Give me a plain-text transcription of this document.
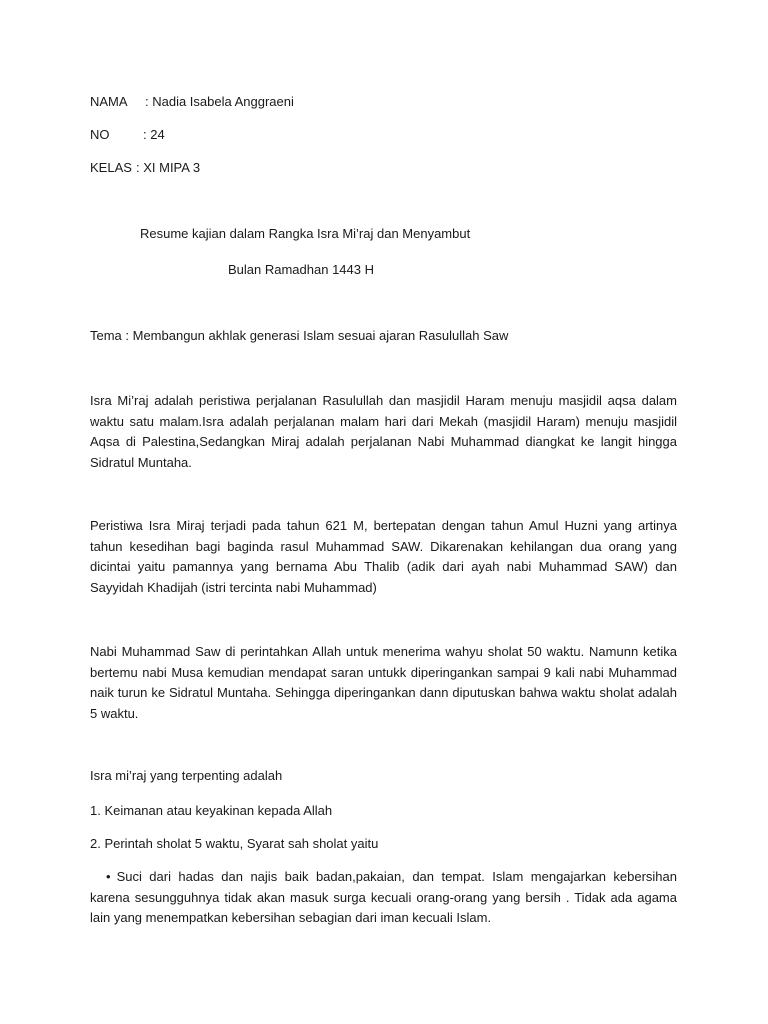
NAMA : Nadia Isabela Anggraeni
NO	: 24
KELAS : XI MIPA 3
Resume kajian dalam Rangka Isra Mi’raj dan Menyambut
Bulan Ramadhan 1443 H
Tema : Membangun akhlak generasi Islam sesuai ajaran Rasulullah Saw

Isra Mi’raj adalah peristiwa perjalanan Rasulullah dan masjidil Haram menuju masjidil aqsa dalam waktu satu malam.Isra adalah perjalanan malam hari dari Mekah (masjidil Haram) menuju masjidil Aqsa di Palestina,Sedangkan Miraj adalah perjalanan Nabi Muhammad diangkat ke langit hingga Sidratul Muntaha.

Peristiwa Isra Miraj terjadi pada tahun 621 M, bertepatan dengan tahun Amul Huzni yang artinya tahun kesedihan bagi baginda rasul Muhammad SAW. Dikarenakan kehilangan dua orang yang dicintai yaitu pamannya yang bernama Abu Thalib (adik dari ayah nabi Muhammad SAW) dan Sayyidah Khadijah (istri tercinta nabi Muhammad)

Nabi Muhammad Saw di perintahkan Allah untuk menerima wahyu sholat 50 waktu. Namunn ketika bertemu nabi Musa kemudian mendapat saran untukk diperingankan sampai 9 kali nabi Muhammad naik turun ke Sidratul Muntaha. Sehingga diperingankan dann diputuskan bahwa waktu sholat adalah 5 waktu.

Isra mi’raj yang terpenting adalah
1. Keimanan atau keyakinan kepada Allah
2. Perintah sholat 5 waktu, Syarat sah sholat yaitu

• Suci dari hadas dan najis baik badan,pakaian, dan tempat. Islam mengajarkan kebersihan karena sesungguhnya tidak akan masuk surga kecuali orang-orang yang bersih . Tidak ada agama lain yang menempatkan kebersihan sebagian dari iman kecuali Islam.
